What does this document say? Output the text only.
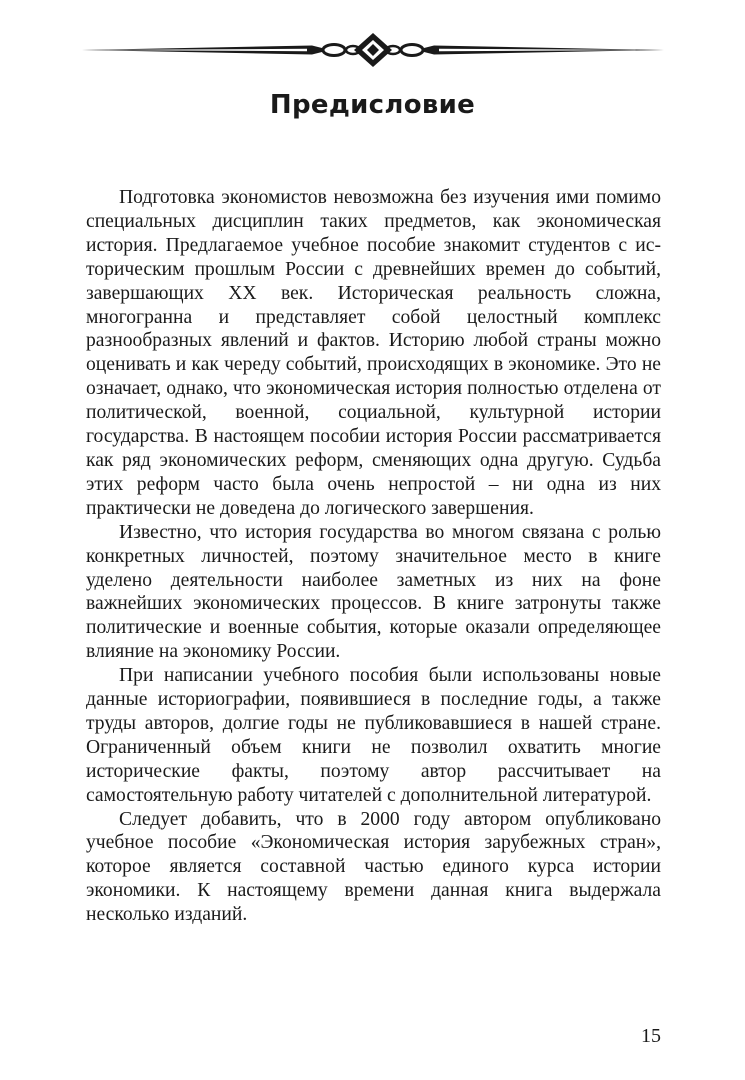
Предисловие

Подготовка экономистов невозможна без изучения ими помимо специальных дисциплин таких предметов, как экономическая история. Предлагаемое учебное пособие знакомит студентов с историческим прошлым России с древнейших времен до событий, завершающих XX век. Историческая реальность сложна, многогранна и представляет собой целостный комплекс разнообразных явлений и фактов. Историю любой страны можно оценивать и как череду событий, происходящих в экономике. Это не означает, однако, что экономическая история полностью отделена от политической, военной, социальной, культурной истории государства. В настоящем пособии история России рассматривается как ряд экономических реформ, сменяющих одна другую. Судьба этих реформ часто была очень непростой – ни одна из них практически не доведена до логического завершения.

Известно, что история государства во многом связана с ролью конкретных личностей, поэтому значительное место в книге уделено деятельности наиболее заметных из них на фоне важнейших экономических процессов. В книге затронуты также политические и военные события, которые оказали определяющее влияние на экономику России.

При написании учебного пособия были использованы новые данные историографии, появившиеся в последние годы, а также труды авторов, долгие годы не публиковавшиеся в нашей стране. Ограниченный объем книги не позволил охватить многие исторические факты, поэтому автор рассчитывает на самостоятельную работу читателей с дополнительной литературой.

Следует добавить, что в 2000 году автором опубликовано учебное пособие «Экономическая история зарубежных стран», которое является составной частью единого курса истории экономики. К настоящему времени данная книга выдержала несколько изданий.

15
